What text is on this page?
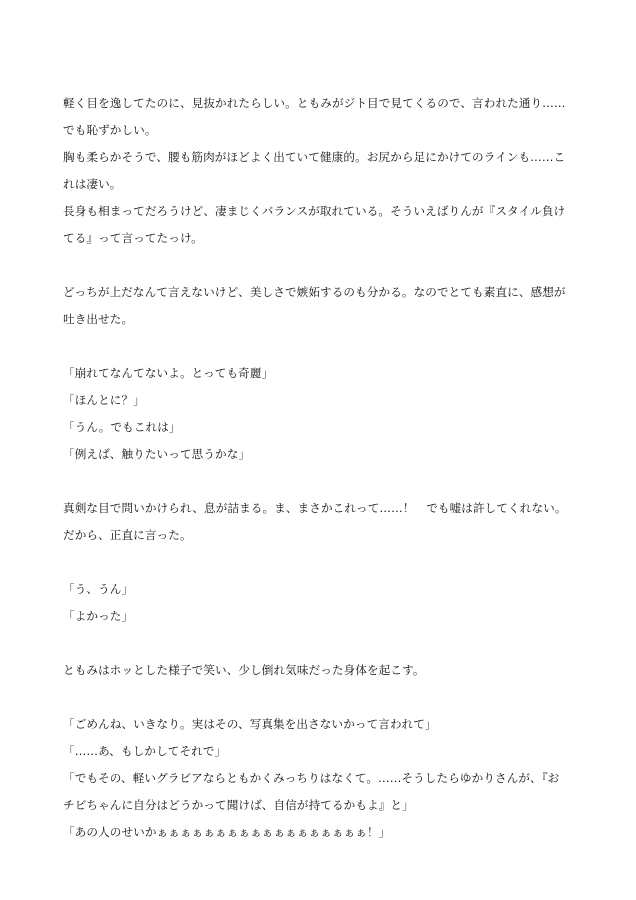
軽く目を逸してたのに、見抜かれたらしい。ともみがジト目で見てくるので、言われた通り……
でも恥ずかしい。
胸も柔らかそうで、腰も筋肉がほどよく出ていて健康的。お尻から足にかけてのラインも……こ
れは凄い。
長身も相まってだろうけど、凄まじくバランスが取れている。そういえばりんが『スタイル負け
てる』って言ってたっけ。
どっちが上だなんて言えないけど、美しさで嫉妬するのも分かる。なのでとても素直に、感想が
吐き出せた。
「崩れてなんてないよ。とっても奇麗」
「ほんとに？」
「うん。でもこれは」
「例えば、触りたいって思うかな」
真剣な目で問いかけられ、息が詰まる。ま、まさかこれって……！　でも嘘は許してくれない。
だから、正直に言った。
「う、うん」
「よかった」
ともみはホッとした様子で笑い、少し倒れ気味だった身体を起こす。
「ごめんね、いきなり。実はその、写真集を出さないかって言われて」
「……あ、もしかしてそれで」
「でもその、軽いグラビアならともかくみっちりはなくて。……そうしたらゆかりさんが、『お
チビちゃんに自分はどうかって聞けば、自信が持てるかもよ』と」
「あの人のせいかぁぁぁぁぁぁぁぁぁぁぁぁぁぁぁぁぁぁ！」
